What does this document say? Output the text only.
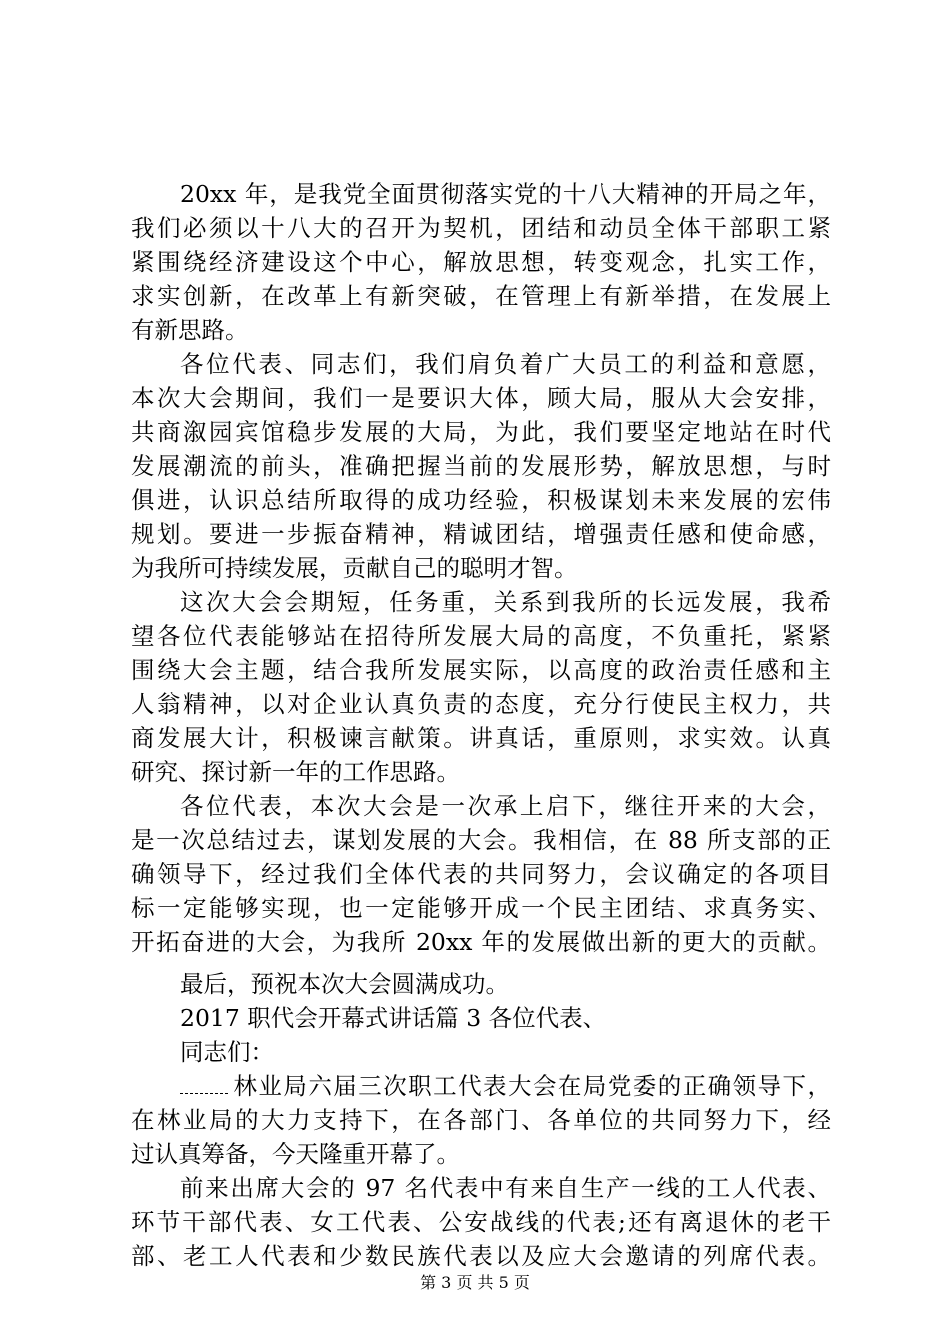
20xx 年，是我党全面贯彻落实党的十八大精神的开局之年，
我们必须以十八大的召开为契机，团结和动员全体干部职工紧
紧围绕经济建设这个中心，解放思想，转变观念，扎实工作，
求实创新，在改革上有新突破，在管理上有新举措，在发展上
有新思路。
各位代表、同志们，我们肩负着广大员工的利益和意愿，
本次大会期间，我们一是要识大体，顾大局，服从大会安排，
共商溆园宾馆稳步发展的大局，为此，我们要坚定地站在时代
发展潮流的前头，准确把握当前的发展形势，解放思想，与时
俱进，认识总结所取得的成功经验，积极谋划未来发展的宏伟
规划。要进一步振奋精神，精诚团结，增强责任感和使命感，
为我所可持续发展，贡献自己的聪明才智。
这次大会会期短，任务重，关系到我所的长远发展，我希
望各位代表能够站在招待所发展大局的高度，不负重托，紧紧
围绕大会主题，结合我所发展实际，以高度的政治责任感和主
人翁精神，以对企业认真负责的态度，充分行使民主权力，共
商发展大计，积极谏言献策。讲真话，重原则，求实效。认真
研究、探讨新一年的工作思路。
各位代表，本次大会是一次承上启下，继往开来的大会，
是一次总结过去，谋划发展的大会。我相信，在 88 所支部的正
确领导下，经过我们全体代表的共同努力，会议确定的各项目
标一定能够实现，也一定能够开成一个民主团结、求真务实、
开拓奋进的大会，为我所 20xx 年的发展做出新的更大的贡献。
最后，预祝本次大会圆满成功。
2017 职代会开幕式讲话篇 3 各位代表、
同志们：
林业局六届三次职工代表大会在局党委的正确领导下，
在林业局的大力支持下，在各部门、各单位的共同努力下，经
过认真筹备，今天隆重开幕了。
前来出席大会的 97 名代表中有来自生产一线的工人代表、
环节干部代表、女工代表、公安战线的代表;还有离退休的老干
第 3 页 共 5 页
部、老工人代表和少数民族代表以及应大会邀请的列席代表。
